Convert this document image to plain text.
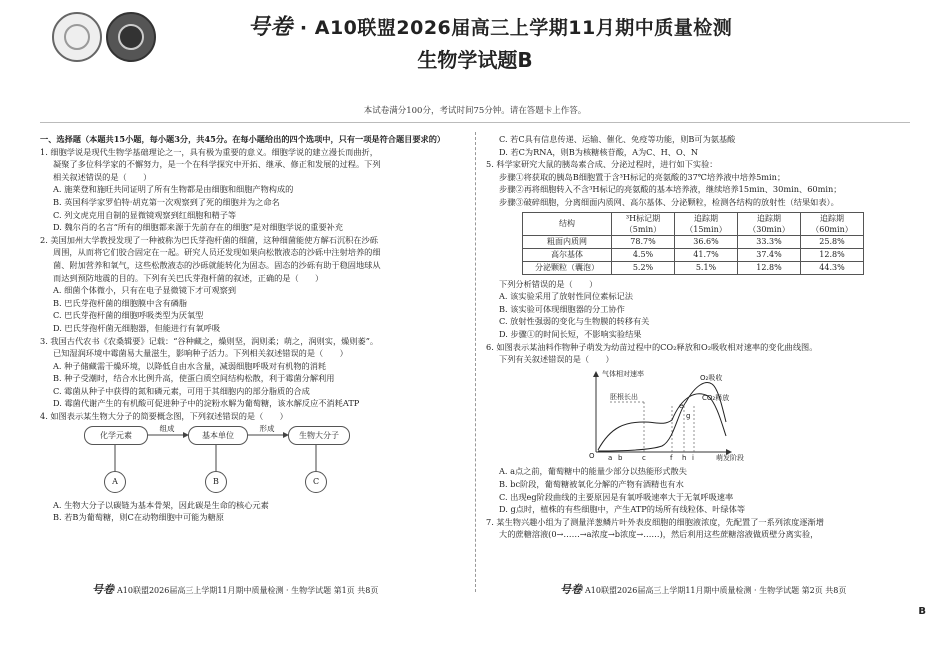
号卷 · A10联盟2026届高三上学期11月期中质量检测
生物学试题B
本试卷满分100分，考试时间75分钟。请在答题卡上作答。

一、选择题（本题共15小题，每小题3分，共45分。在每小题给出的四个选项中，只有一项是符合题目要求的）

1. 细胞学说是现代生物学基础理论之一，具有极为重要的意义。细胞学说的建立漫长而曲折，

凝聚了多位科学家的不懈努力，是一个在科学探究中开拓、继承、修正和发展的过程。下列

相关叙述错误的是（　　）

A. 施莱登和施旺共同证明了所有生物都是由细胞和细胞产物构成的

B. 英国科学家罗伯特·胡克第一次观察到了死的细胞并为之命名

C. 列文虎克用自制的显微镜观察到红细胞和精子等

D. 魏尔肖的名言“所有的细胞都来源于先前存在的细胞”是对细胞学说的重要补充

2. 美国加州大学教授发现了一种被称为巴氏芽孢杆菌的细菌，这种细菌能使方解石沉积在沙砾

周围，从而将它们胶合固定在一起。研究人员还发现如果向松散液态的沙砾中注射培养的细

菌、附加营养和氧气，这些松散液态的沙砾就能转化为固态。固态的沙砾有助于稳固地球从

而达到预防地震的目的。下列有关巴氏芽孢杆菌的叙述，正确的是（　　）

A. 细菌个体微小，只有在电子显微镜下才可观察到

B. 巴氏芽孢杆菌的细胞膜中含有磷脂

C. 巴氏芽孢杆菌的细胞呼吸类型为厌氧型

D. 巴氏芽孢杆菌无细胞器，但能进行有氧呼吸

3. 我国古代农书《农桑辑要》记载：“谷种藏之，燥则坚，润则柔；萌之，润则实，燥则萎”。

已知湿润环境中霉菌易大量滋生，影响种子活力。下列相关叙述错误的是（　　）

A. 种子储藏需干燥环境，以降低自由水含量，减弱细胞呼吸对有机物的消耗

B. 种子受潮时，结合水比例升高，使蛋白质空间结构松散，利于霉菌分解利用

C. 霉菌从种子中获得的氮和磷元素，可用于其细胞内的部分脂质的合成

D. 霉菌代谢产生的有机酸可促进种子中的淀粉水解为葡萄糖，该水解反应不消耗ATP

4. 如图表示某生物大分子的简要概念图，下列叙述错误的是（　　）

化学元素
组成
基本单位
形成
生物大分子
A	B	C

A. 生物大分子以碳链为基本骨架，因此碳是生命的核心元素

B. 若B为葡萄糖，则C在动物细胞中可能为糖原

号卷 A10联盟2026届高三上学期11月期中质量检测 · 生物学试题 第1页 共8页

C. 若C具有信息传递、运输、催化、免疫等功能，则B可为氨基酸

D. 若C为RNA，则B为核糖核苷酸，A为C、H、O、N

5. 科学家研究大鼠的胰岛素合成、分泌过程时，进行如下实验：

步骤①将获取的胰岛B细胞置于含³H标记的亮氨酸的37℃培养液中培养5min；

步骤②再将细胞转入不含³H标记的亮氨酸的基本培养液，继续培养15min、30min、60min；

步骤③破碎细胞，分离细面内质网、高尔基体、分泌颗粒，检测各结构的放射性（结果如表）。

结构	³H标记期（5min）	追踪期（15min）	追踪期（30min）	追踪期（60min）
粗面内质网	78.7%	36.6%	33.3%	25.8%
高尔基体	4.5%	41.7%	37.4%	12.8%
分泌颗粒（囊泡）	5.2%	5.1%	12.8%	44.3%

下列分析错误的是（　　）

A. 该实验采用了放射性同位素标记法

B. 该实验可体现细胞器的分工协作

C. 放射性强弱的变化与生物膜的转移有关

D. 步骤①的时间长短，不影响实验结果

6. 如图表示某油料作物种子萌发为幼苗过程中的CO₂释放和O₂吸收相对速率的变化曲线图。

下列有关叙述错误的是（　　）

气体相对速率
萌发阶段
O₂吸收
CO₂释放
胚根长出
O a b	c	f h i
e
g

A. a点之前，葡萄糖中的能量少部分以热能形式散失

B. bc阶段，葡萄糖被氧化分解的产物有酒精也有水

C. 出现eg阶段曲线的主要原因是有氧呼吸速率大于无氧呼吸速率

D. g点时，植株的有些细胞中，产生ATP的场所有线粒体、叶绿体等

7. 某生物兴趣小组为了测量洋葱鳞片叶外表皮细胞的细胞液浓度，先配置了一系列浓度逐渐增

大的蔗糖溶液(0→……→a浓度→b浓度→……)，然后利用这些蔗糖溶液做质壁分离实验，

号卷 A10联盟2026届高三上学期11月期中质量检测 · 生物学试题 第2页 共8页
B
